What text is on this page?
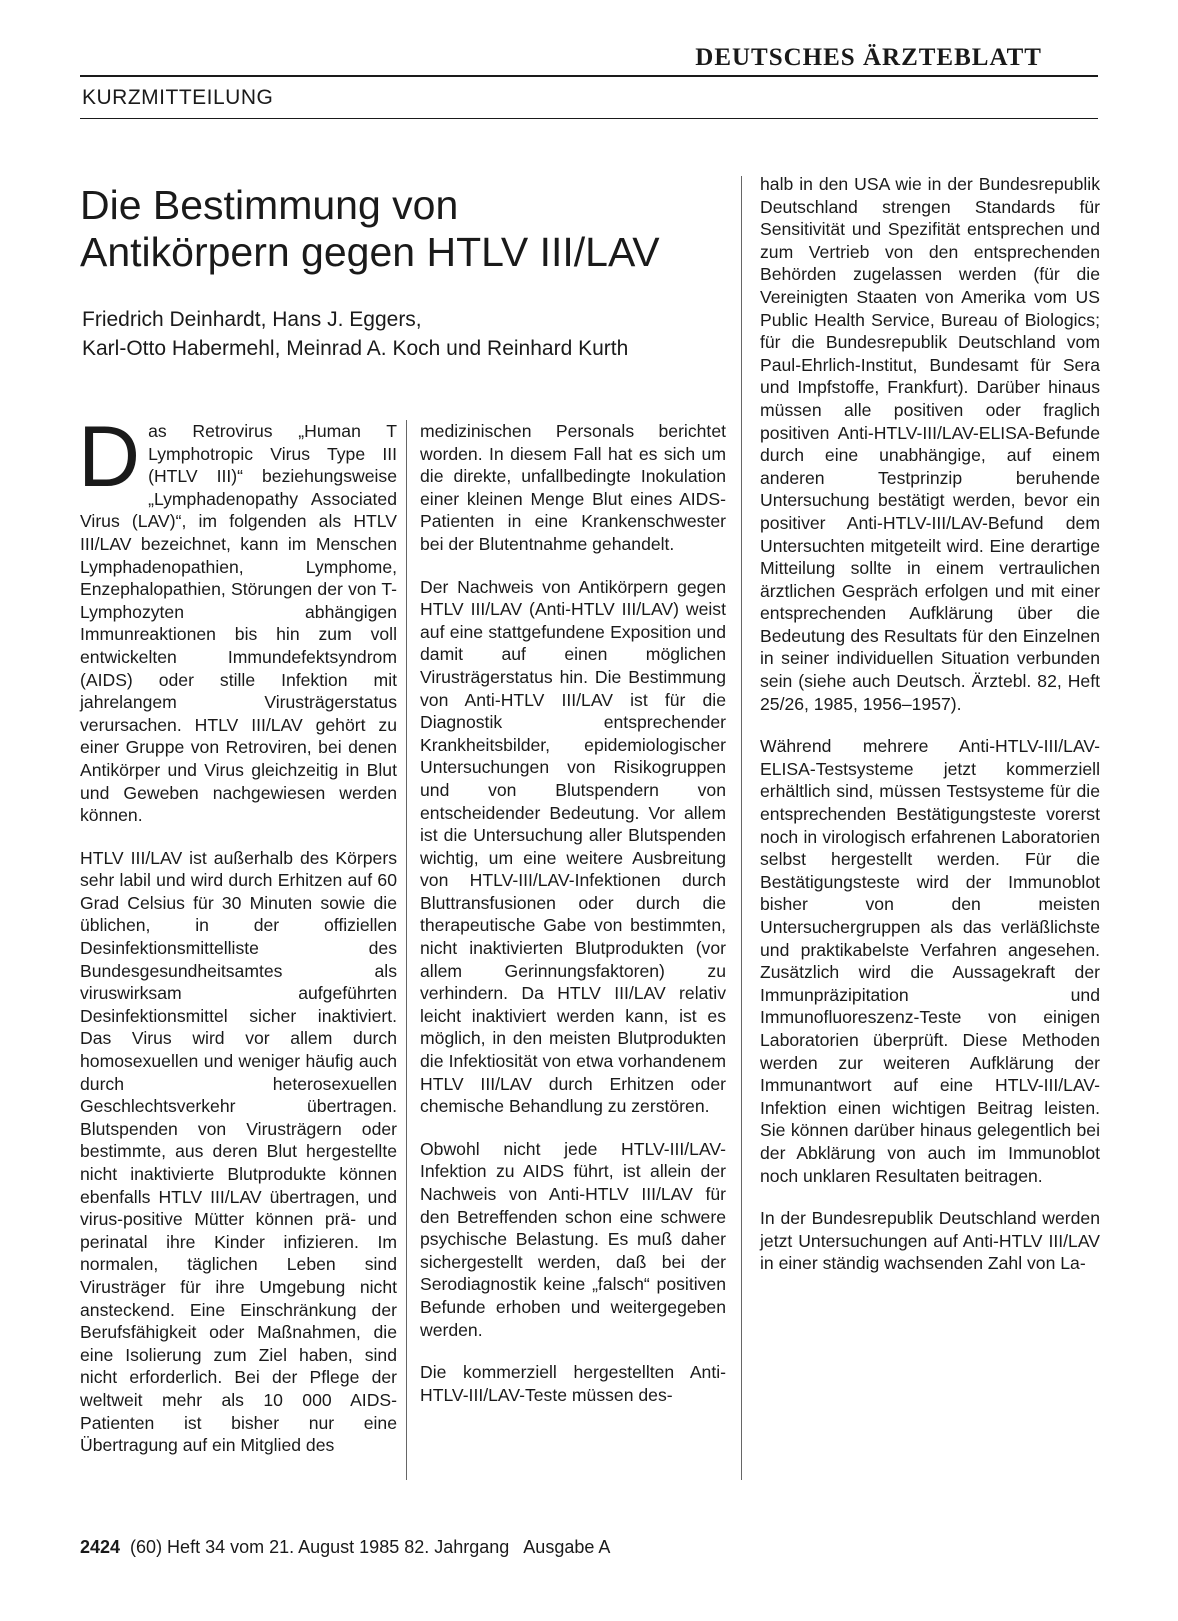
DEUTSCHES ÄRZTEBLATT
KURZMITTEILUNG
Die Bestimmung von
Antikörpern gegen HTLV III/LAV
Friedrich Deinhardt, Hans J. Eggers,
Karl-Otto Habermehl, Meinrad A. Koch und Reinhard Kurth

Das Retrovirus „Human T Lymphotropic Virus Type III (HTLV III)“ beziehungsweise „Lymphadenopathy Associated Virus (LAV)“, im folgenden als HTLV III/LAV bezeichnet, kann im Menschen Lymphadenopathien, Lymphome, Enzephalopathien, Störungen der von T-Lymphozyten abhängigen Immunreaktionen bis hin zum voll entwickelten Immundefektsyndrom (AIDS) oder stille Infektion mit jahrelangem Virusträgerstatus verursachen. HTLV III/LAV gehört zu einer Gruppe von Retroviren, bei denen Antikörper und Virus gleichzeitig in Blut und Geweben nachgewiesen werden können.

HTLV III/LAV ist außerhalb des Körpers sehr labil und wird durch Erhitzen auf 60 Grad Celsius für 30 Minuten sowie die üblichen, in der offiziellen Desinfektionsmittelliste des Bundesgesundheitsamtes als viruswirksam aufgeführten Desinfektionsmittel sicher inaktiviert. Das Virus wird vor allem durch homosexuellen und weniger häufig auch durch heterosexuellen Geschlechtsverkehr übertragen. Blutspenden von Virusträgern oder bestimmte, aus deren Blut hergestellte nicht inaktivierte Blutprodukte können ebenfalls HTLV III/LAV übertragen, und virus-positive Mütter können prä- und perinatal ihre Kinder infizieren. Im normalen, täglichen Leben sind Virusträger für ihre Umgebung nicht ansteckend. Eine Einschränkung der Berufsfähigkeit oder Maßnahmen, die eine Isolierung zum Ziel haben, sind nicht erforderlich. Bei der Pflege der weltweit mehr als 10 000 AIDS-Patienten ist bisher nur eine Übertragung auf ein Mitglied des

medizinischen Personals berichtet worden. In diesem Fall hat es sich um die direkte, unfallbedingte Inokulation einer kleinen Menge Blut eines AIDS-Patienten in eine Krankenschwester bei der Blutentnahme gehandelt.

Der Nachweis von Antikörpern gegen HTLV III/LAV (Anti-HTLV III/LAV) weist auf eine stattgefundene Exposition und damit auf einen möglichen Virusträgerstatus hin. Die Bestimmung von Anti-HTLV III/LAV ist für die Diagnostik entsprechender Krankheitsbilder, epidemiologischer Untersuchungen von Risikogruppen und von Blutspendern von entscheidender Bedeutung. Vor allem ist die Untersuchung aller Blutspenden wichtig, um eine weitere Ausbreitung von HTLV-III/LAV-Infektionen durch Bluttransfusionen oder durch die therapeutische Gabe von bestimmten, nicht inaktivierten Blutprodukten (vor allem Gerinnungsfaktoren) zu verhindern. Da HTLV III/LAV relativ leicht inaktiviert werden kann, ist es möglich, in den meisten Blutprodukten die Infektiosität von etwa vorhandenem HTLV III/LAV durch Erhitzen oder chemische Behandlung zu zerstören.

Obwohl nicht jede HTLV-III/LAV-Infektion zu AIDS führt, ist allein der Nachweis von Anti-HTLV III/LAV für den Betreffenden schon eine schwere psychische Belastung. Es muß daher sichergestellt werden, daß bei der Serodiagnostik keine „falsch“ positiven Befunde erhoben und weitergegeben werden.

Die kommerziell hergestellten Anti-HTLV-III/LAV-Teste müssen des-

halb in den USA wie in der Bundesrepublik Deutschland strengen Standards für Sensitivität und Spezifität entsprechen und zum Vertrieb von den entsprechenden Behörden zugelassen werden (für die Vereinigten Staaten von Amerika vom US Public Health Service, Bureau of Biologics; für die Bundesrepublik Deutschland vom Paul-Ehrlich-Institut, Bundesamt für Sera und Impfstoffe, Frankfurt). Darüber hinaus müssen alle positiven oder fraglich positiven Anti-HTLV-III/LAV-ELISA-Befunde durch eine unabhängige, auf einem anderen Testprinzip beruhende Untersuchung bestätigt werden, bevor ein positiver Anti-HTLV-III/LAV-Befund dem Untersuchten mitgeteilt wird. Eine derartige Mitteilung sollte in einem vertraulichen ärztlichen Gespräch erfolgen und mit einer entsprechenden Aufklärung über die Bedeutung des Resultats für den Einzelnen in seiner individuellen Situation verbunden sein (siehe auch Deutsch. Ärztebl. 82, Heft 25/26, 1985, 1956–1957).

Während mehrere Anti-HTLV-III/LAV-ELISA-Testsysteme jetzt kommerziell erhältlich sind, müssen Testsysteme für die entsprechenden Bestätigungsteste vorerst noch in virologisch erfahrenen Laboratorien selbst hergestellt werden. Für die Bestätigungsteste wird der Immunoblot bisher von den meisten Untersuchergruppen als das verläßlichste und praktikabelste Verfahren angesehen. Zusätzlich wird die Aussagekraft der Immunpräzipitation und Immunofluoreszenz-Teste von einigen Laboratorien überprüft. Diese Methoden werden zur weiteren Aufklärung der Immunantwort auf eine HTLV-III/LAV-Infektion einen wichtigen Beitrag leisten. Sie können darüber hinaus gelegentlich bei der Abklärung von auch im Immunoblot noch unklaren Resultaten beitragen.

In der Bundesrepublik Deutschland werden jetzt Untersuchungen auf Anti-HTLV III/LAV in einer ständig wachsenden Zahl von La-

2424 (60) Heft 34 vom 21. August 1985 82. Jahrgang   Ausgabe A
